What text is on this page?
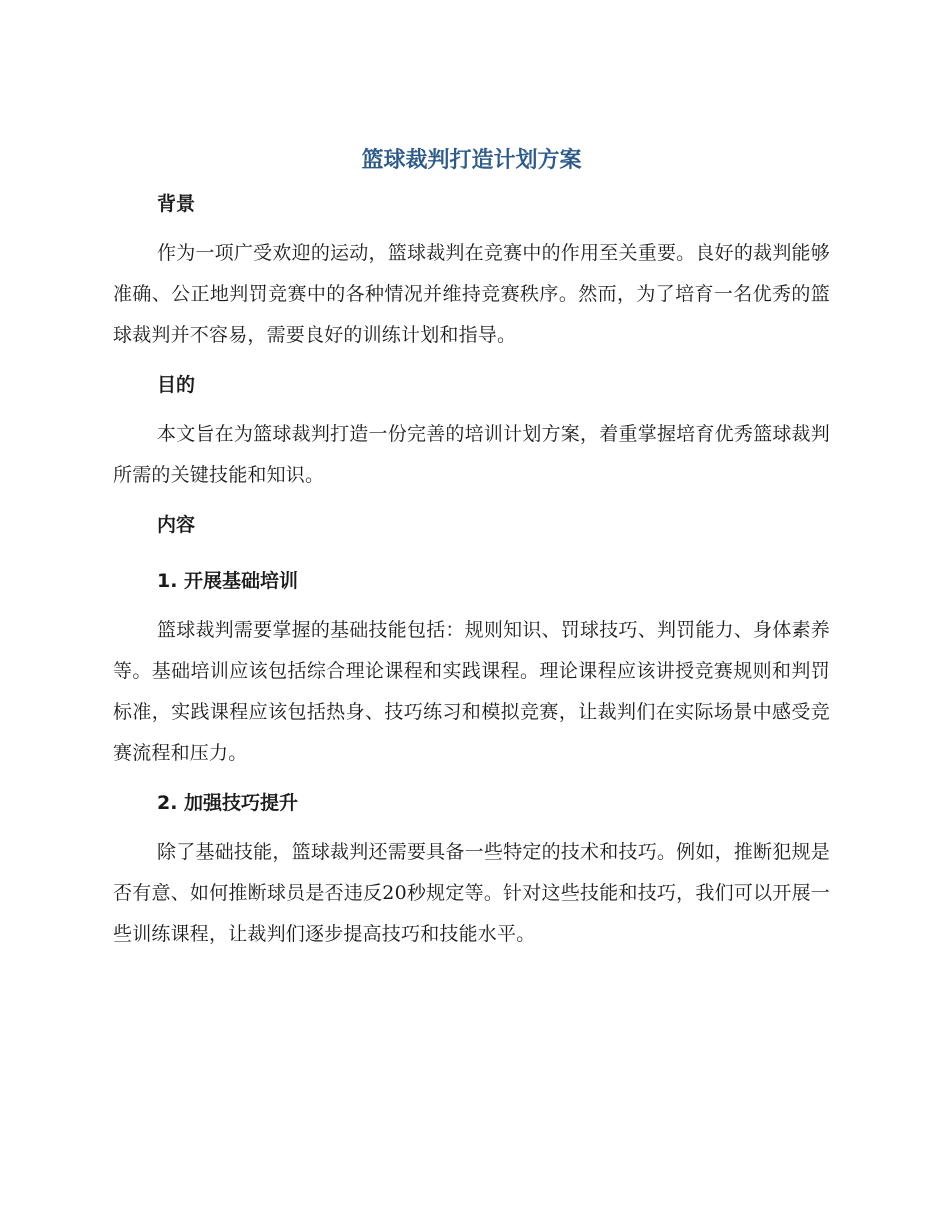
篮球裁判打造计划方案
背景

作为一项广受欢迎的运动，篮球裁判在竞赛中的作用至关重要。良好的裁判能够准确、公正地判罚竞赛中的各种情况并维持竞赛秩序。然而，为了培育一名优秀的篮球裁判并不容易，需要良好的训练计划和指导。

目的

本文旨在为篮球裁判打造一份完善的培训计划方案，着重掌握培育优秀篮球裁判所需的关键技能和知识。

内容
1. 开展基础培训

篮球裁判需要掌握的基础技能包括：规则知识、罚球技巧、判罚能力、身体素养等。基础培训应该包括综合理论课程和实践课程。理论课程应该讲授竞赛规则和判罚标准，实践课程应该包括热身、技巧练习和模拟竞赛，让裁判们在实际场景中感受竞赛流程和压力。

2. 加强技巧提升

除了基础技能，篮球裁判还需要具备一些特定的技术和技巧。例如，推断犯规是否有意、如何推断球员是否违反20秒规定等。针对这些技能和技巧，我们可以开展一些训练课程，让裁判们逐步提高技巧和技能水平。
